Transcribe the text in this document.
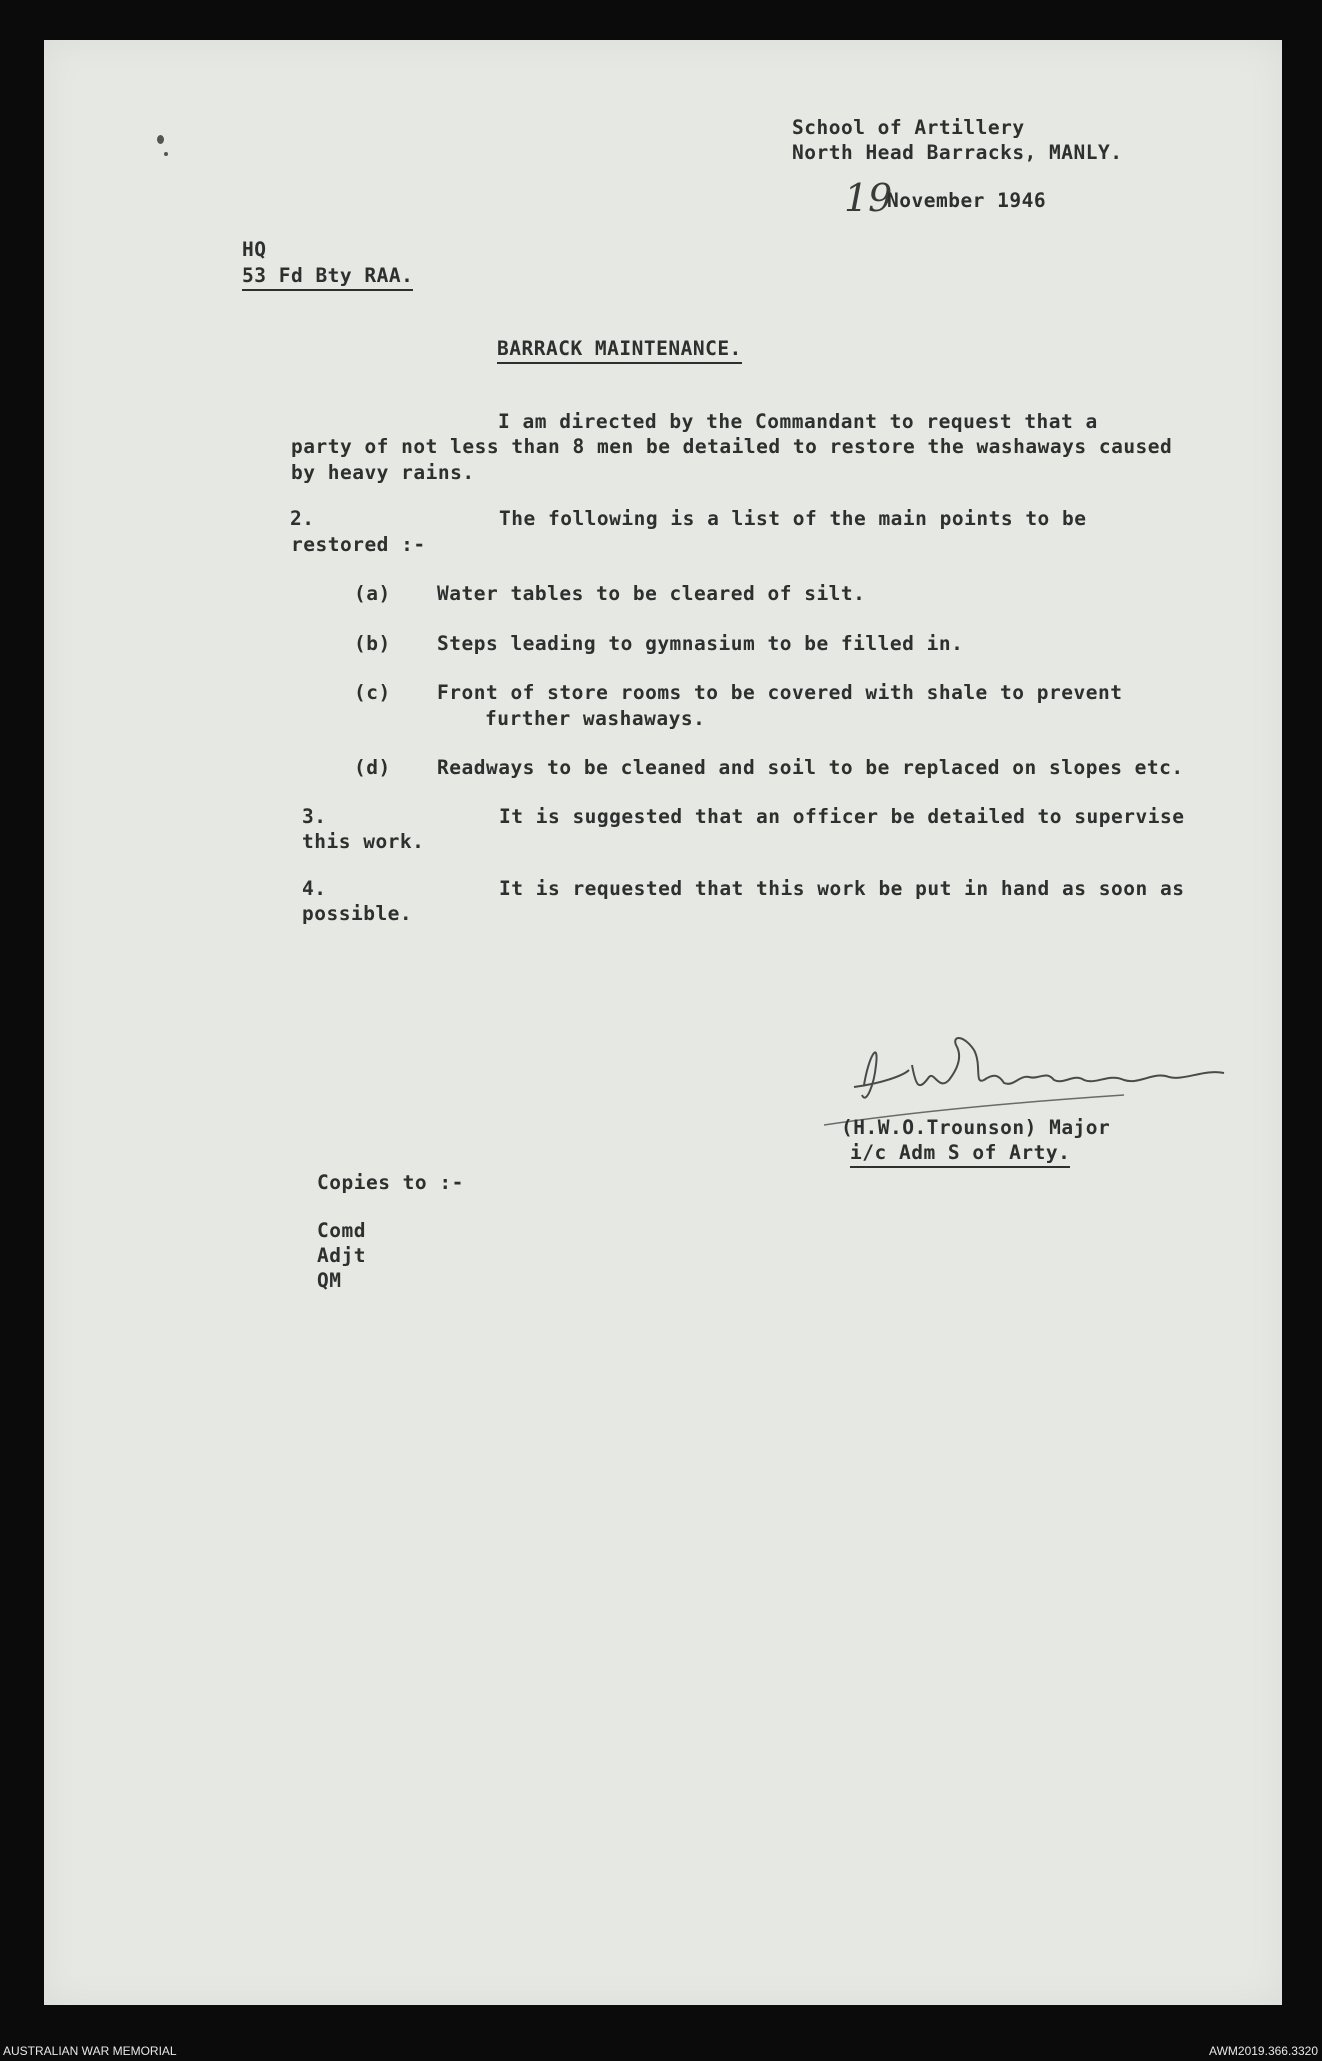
School of Artillery
North Head Barracks, MANLY.
19
November 1946
HQ
53 Fd Bty RAA.
BARRACK MAINTENANCE.
I am directed by the Commandant to request that a
party of not less than 8 men be detailed to restore the washaways caused
by heavy rains.
2.	The following is a list of the main points to be
restored :-
(a) Water tables to be cleared of silt.
(b) Steps leading to gymnasium to be filled in.
(c) Front of store rooms to be covered with shale to prevent
further washaways.
(d) Readways to be cleaned and soil to be replaced on slopes etc.
3.	It is suggested that an officer be detailed to supervise
this work.
4.	It is requested that this work be put in hand as soon as
possible.
(H.W.O.Trounson) Major
i/c Adm S of Arty.
Copies to :-
Comd
Adjt
QM
AUSTRALIAN WAR MEMORIAL	AWM2019.366.3320
